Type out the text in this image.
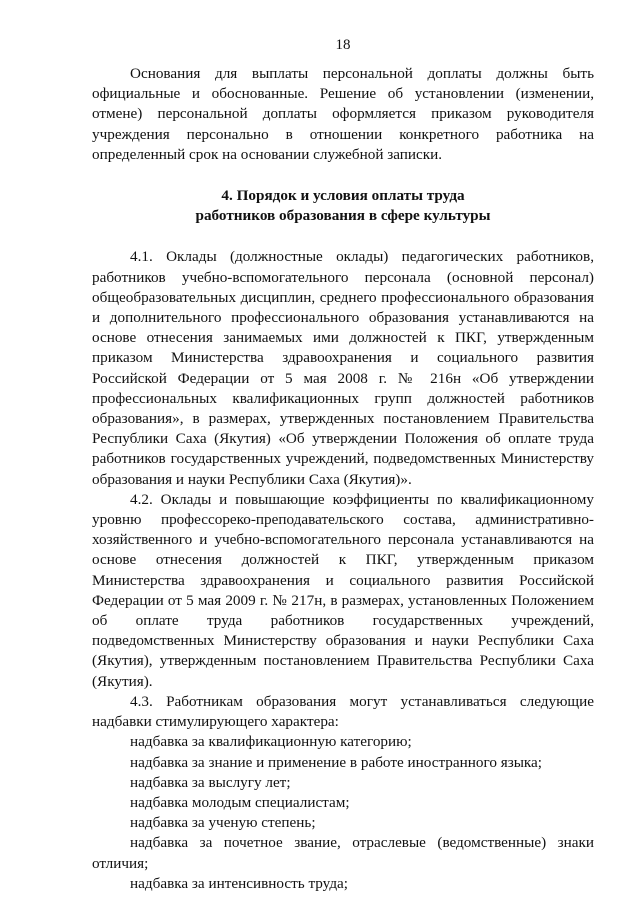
18

Основания для выплаты персональной доплаты должны быть официальные и обоснованные. Решение об установлении (изменении, отмене) персональной доплаты оформляется приказом руководителя учреждения персонально в отношении конкретного работника на определенный срок на основании служебной записки.

4. Порядок и условия оплаты труда
работников образования в сфере культуры

4.1. Оклады (должностные оклады) педагогических работников, работников учебно-вспомогательного персонала (основной персонал) общеобразовательных дисциплин, среднего профессионального образования и дополнительного профессионального образования устанавливаются на основе отнесения занимаемых ими должностей к ПКГ, утвержденным приказом Министерства здравоохранения и социального развития Российской Федерации от 5 мая 2008 г. № 216н «Об утверждении профессиональных квалификационных групп должностей работников образования», в размерах, утвержденных постановлением Правительства Республики Саха (Якутия) «Об утверждении Положения об оплате труда работников государственных учреждений, подведомственных Министерству образования и науки Республики Саха (Якутия)».

4.2. Оклады и повышающие коэффициенты по квалификационному уровню профессореко-преподавательского состава, административно-хозяйственного и учебно-вспомогательного персонала устанавливаются на основе отнесения должностей к ПКГ, утвержденным приказом Министерства здравоохранения и социального развития Российской Федерации от 5 мая 2009 г. № 217н, в размерах, установленных Положением об оплате труда работников государственных учреждений, подведомственных Министерству образования и науки Республики Саха (Якутия), утвержденным постановлением Правительства Республики Саха (Якутия).

4.3. Работникам образования могут устанавливаться следующие надбавки стимулирующего характера:

надбавка за квалификационную категорию;

надбавка за знание и применение в работе иностранного языка;

надбавка за выслугу лет;

надбавка молодым специалистам;

надбавка за ученую степень;

надбавка за почетное звание, отраслевые (ведомственные) знаки отличия;

надбавка за интенсивность труда;
